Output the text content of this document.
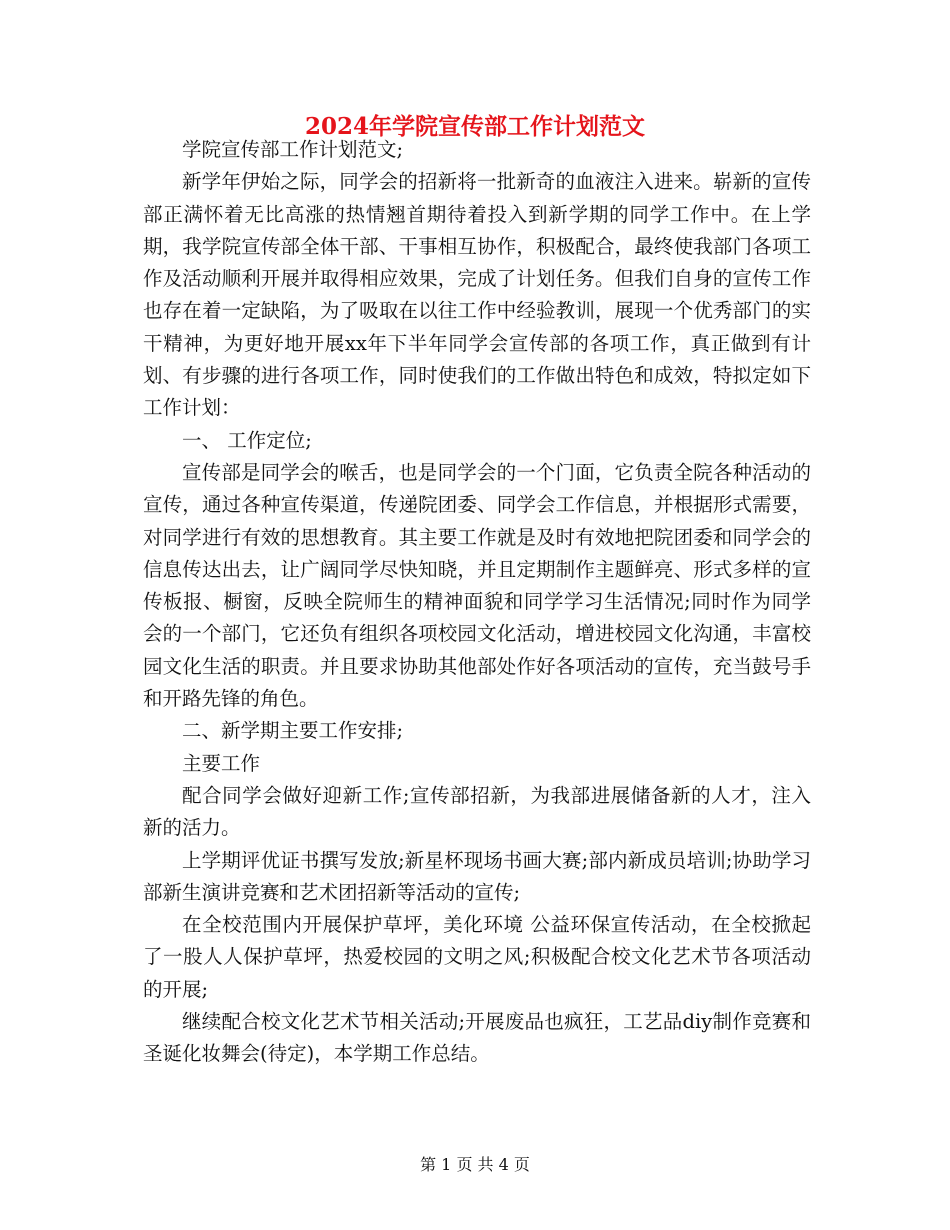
2024年学院宣传部工作计划范文

学院宣传部工作计划范文;

新学年伊始之际，同学会的招新将一批新奇的血液注入进来。崭新的宣传部正满怀着无比高涨的热情翘首期待着投入到新学期的同学工作中。在上学期，我学院宣传部全体干部、干事相互协作，积极配合，最终使我部门各项工作及活动顺利开展并取得相应效果，完成了计划任务。但我们自身的宣传工作也存在着一定缺陷，为了吸取在以往工作中经验教训，展现一个优秀部门的实干精神，为更好地开展xx年下半年同学会宣传部的各项工作，真正做到有计划、有步骤的进行各项工作，同时使我们的工作做出特色和成效，特拟定如下工作计划：

一、 工作定位;

宣传部是同学会的喉舌，也是同学会的一个门面，它负责全院各种活动的宣传，通过各种宣传渠道，传递院团委、同学会工作信息，并根据形式需要，对同学进行有效的思想教育。其主要工作就是及时有效地把院团委和同学会的信息传达出去，让广阔同学尽快知晓，并且定期制作主题鲜亮、形式多样的宣传板报、橱窗，反映全院师生的精神面貌和同学学习生活情况;同时作为同学会的一个部门，它还负有组织各项校园文化活动，增进校园文化沟通，丰富校园文化生活的职责。并且要求协助其他部处作好各项活动的宣传，充当鼓号手和开路先锋的角色。

二、新学期主要工作安排;

主要工作

配合同学会做好迎新工作;宣传部招新，为我部进展储备新的人才，注入新的活力。

上学期评优证书撰写发放;新星杯现场书画大赛;部内新成员培训;协助学习部新生演讲竞赛和艺术团招新等活动的宣传;

在全校范围内开展保护草坪，美化环境 公益环保宣传活动，在全校掀起了一股人人保护草坪，热爱校园的文明之风;积极配合校文化艺术节各项活动的开展;

继续配合校文化艺术节相关活动;开展废品也疯狂，工艺品diy制作竞赛和圣诞化妆舞会(待定)，本学期工作总结。

第 1 页 共 4 页
